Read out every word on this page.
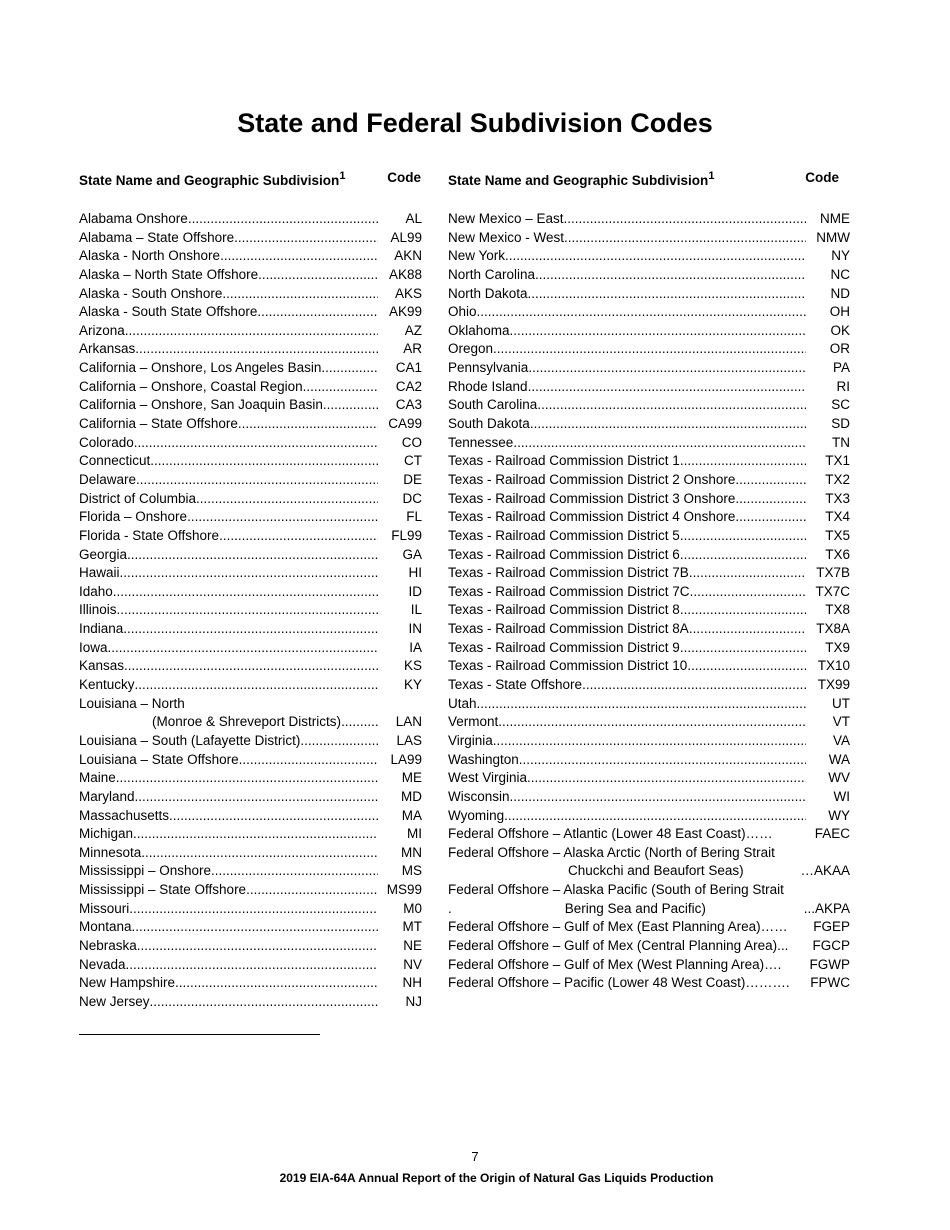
State and Federal Subdivision Codes
State Name and Geographic Subdivision$^1$	Code
Alabama Onshore .....	AL
Alabama – State Offshore .....	AL99
Alaska - North Onshore .....	AKN
Alaska – North State Offshore .....	AK88
Alaska - South Onshore .....	AKS
Alaska - South State Offshore .....	AK99
Arizona .....	AZ
Arkansas .....	AR
California – Onshore, Los Angeles Basin .....	CA1
California – Onshore, Coastal Region .....	CA2
California – Onshore, San Joaquin Basin .....	CA3
California – State Offshore .....	CA99
Colorado .....	CO
Connecticut .....	CT
Delaware .....	DE
District of Columbia .....	DC
Florida – Onshore .....	FL
Florida - State Offshore .....	FL99
Georgia .....	GA
Hawaii .....	HI
Idaho .....	ID
Illinois .....	IL
Indiana .....	IN
Iowa .....	IA
Kansas .....	KS
Kentucky .....	KY
Louisiana – North
(Monroe & Shreveport Districts) .....	LAN
Louisiana – South (Lafayette District) .....	LAS
Louisiana – State Offshore .....	LA99
Maine .....	ME
Maryland .....	MD
Massachusetts .....	MA
Michigan .....	MI
Minnesota .....	MN
Mississippi – Onshore .....	MS
Mississippi – State Offshore .....	MS99
Missouri .....	M0
Montana .....	MT
Nebraska .....	NE
Nevada .....	NV
New Hampshire .....	NH
New Jersey .....	NJ
State Name and Geographic Subdivision$^1$	Code
New Mexico – East .....	NME
New Mexico - West .....	NMW
New York .....	NY
North Carolina .....	NC
North Dakota .....	ND
Ohio .....	OH
Oklahoma .....	OK
Oregon .....	OR
Pennsylvania .....	PA
Rhode Island .....	RI
South Carolina .....	SC
South Dakota .....	SD
Tennessee .....	TN
Texas - Railroad Commission District 1 .....	TX1
Texas - Railroad Commission District 2 Onshore .....	TX2
Texas - Railroad Commission District 3 Onshore .....	TX3
Texas - Railroad Commission District 4 Onshore .....	TX4
Texas - Railroad Commission District 5 .....	TX5
Texas - Railroad Commission District 6 .....	TX6
Texas - Railroad Commission District 7B .....	TX7B
Texas - Railroad Commission District 7C .....	TX7C
Texas - Railroad Commission District 8 .....	TX8
Texas - Railroad Commission District 8A .....	TX8A
Texas - Railroad Commission District 9 .....	TX9
Texas - Railroad Commission District 10 .....	TX10
Texas - State Offshore .....	TX99
Utah .....	UT
Vermont .....	VT
Virginia .....	VA
Washington .....	WA
West Virginia .....	WV
Wisconsin .....	WI
Wyoming .....	WY
Federal Offshore – Atlantic (Lower 48 East Coast)……	FAEC
Federal Offshore – Alaska Arctic (North of Bering Strait
Chuckchi and Beaufort Seas)	…AKAA
Federal Offshore – Alaska Pacific (South of Bering Strait
.	Bering Sea and Pacific)	...AKPA
Federal Offshore – Gulf of Mex (East Planning Area)……	FGEP
Federal Offshore – Gulf of Mex (Central Planning Area)...	FGCP
Federal Offshore – Gulf of Mex (West Planning Area)…. FGWP
Federal Offshore – Pacific (Lower 48 West Coast)……….	FPWC
7
2019 EIA-64A Annual Report of the Origin of Natural Gas Liquids Production
